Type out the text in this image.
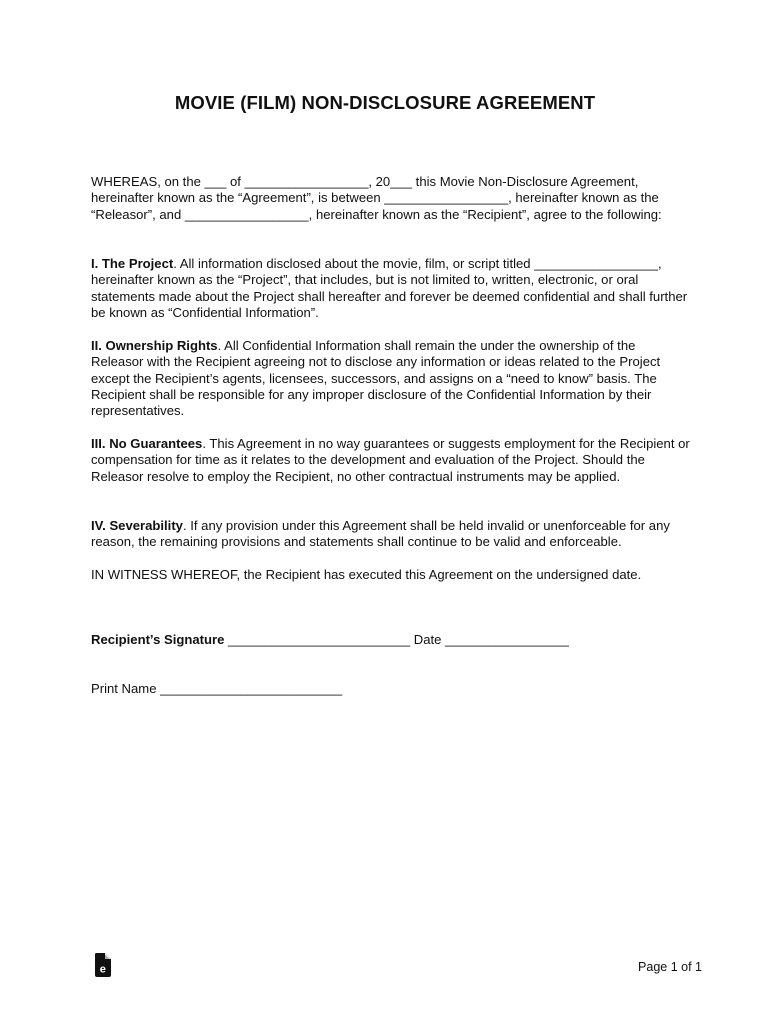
MOVIE (FILM) NON-DISCLOSURE AGREEMENT

WHEREAS, on the ___ of _________________, 20___ this Movie Non-Disclosure Agreement, hereinafter known as the “Agreement”, is between _________________, hereinafter known as the “Releasor”, and _________________, hereinafter known as the “Recipient”, agree to the following:

I. The Project. All information disclosed about the movie, film, or script titled _________________, hereinafter known as the “Project”, that includes, but is not limited to, written, electronic, or oral statements made about the Project shall hereafter and forever be deemed confidential and shall further be known as “Confidential Information”.

II. Ownership Rights. All Confidential Information shall remain the under the ownership of the Releasor with the Recipient agreeing not to disclose any information or ideas related to the Project except the Recipient’s agents, licensees, successors, and assigns on a “need to know” basis. The Recipient shall be responsible for any improper disclosure of the Confidential Information by their representatives.

III. No Guarantees. This Agreement in no way guarantees or suggests employment for the Recipient or compensation for time as it relates to the development and evaluation of the Project. Should the Releasor resolve to employ the Recipient, no other contractual instruments may be applied.

IV. Severability. If any provision under this Agreement shall be held invalid or unenforceable for any reason, the remaining provisions and statements shall continue to be valid and enforceable.

IN WITNESS WHEREOF, the Recipient has executed this Agreement on the undersigned date.

Recipient’s Signature _________________________ Date _________________
Print Name _________________________
e	Page 1 of 1
